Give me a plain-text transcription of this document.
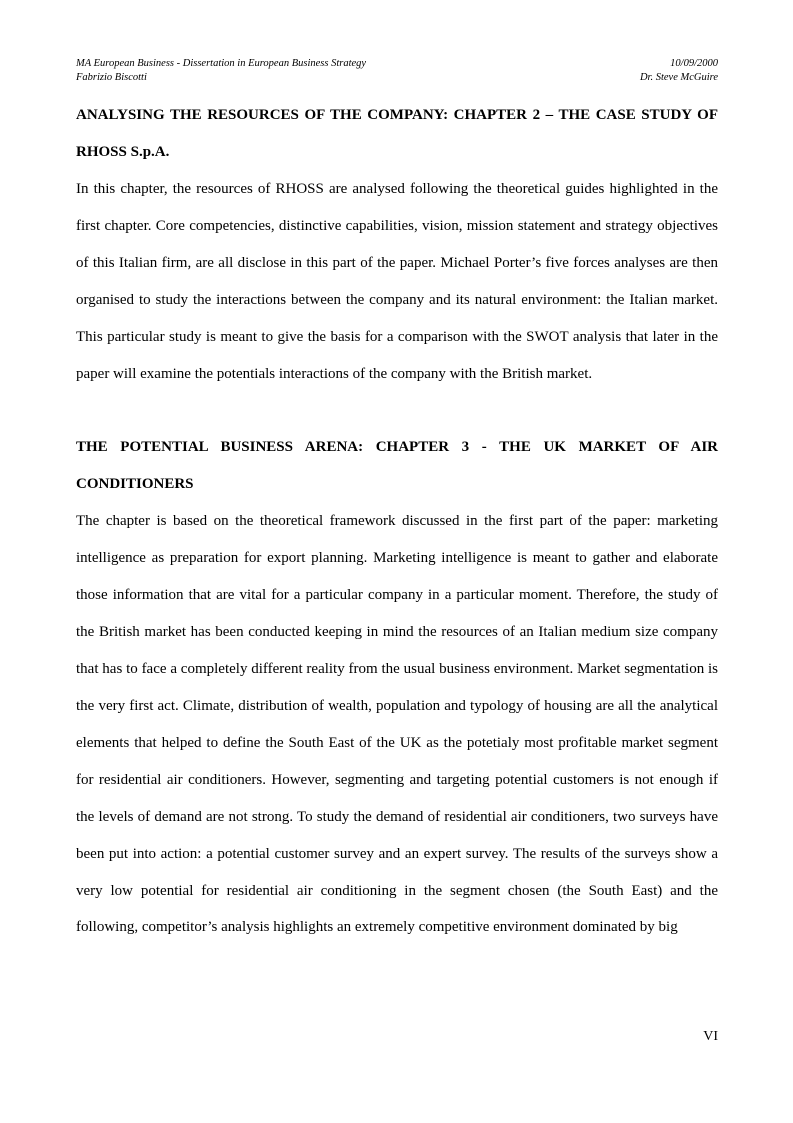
MA European Business - Dissertation in European Business Strategy	10/09/2000
Fabrizio Biscotti	Dr. Steve McGuire
ANALYSING THE RESOURCES OF THE COMPANY: CHAPTER 2 – THE CASE STUDY OF RHOSS S.p.A.

In this chapter, the resources of RHOSS are analysed following the theoretical guides highlighted in the first chapter. Core competencies, distinctive capabilities, vision, mission statement and strategy objectives of this Italian firm, are all disclose in this part of the paper. Michael Porter’s five forces analyses are then organised to study the interactions between the company and its natural environment: the Italian market. This particular study is meant to give the basis for a comparison with the SWOT analysis that later in the paper will examine the potentials interactions of the company with the British market.

THE POTENTIAL BUSINESS ARENA: CHAPTER 3 - THE UK MARKET OF AIR CONDITIONERS

The chapter is based on the theoretical framework discussed in the first part of the paper: marketing intelligence as preparation for export planning. Marketing intelligence is meant to gather and elaborate those information that are vital for a particular company in a particular moment. Therefore, the study of the British market has been conducted keeping in mind the resources of an Italian medium size company that has to face a completely different reality from the usual business environment. Market segmentation is the very first act. Climate, distribution of wealth, population and typology of housing are all the analytical elements that helped to define the South East of the UK as the potetialy most profitable market segment for residential air conditioners. However, segmenting and targeting potential customers is not enough if the levels of demand are not strong. To study the demand of residential air conditioners, two surveys have been put into action: a potential customer survey and an expert survey. The results of the surveys show a very low potential for residential air conditioning in the segment chosen (the South East) and the following, competitor’s analysis highlights an extremely competitive environment dominated by big

VI
